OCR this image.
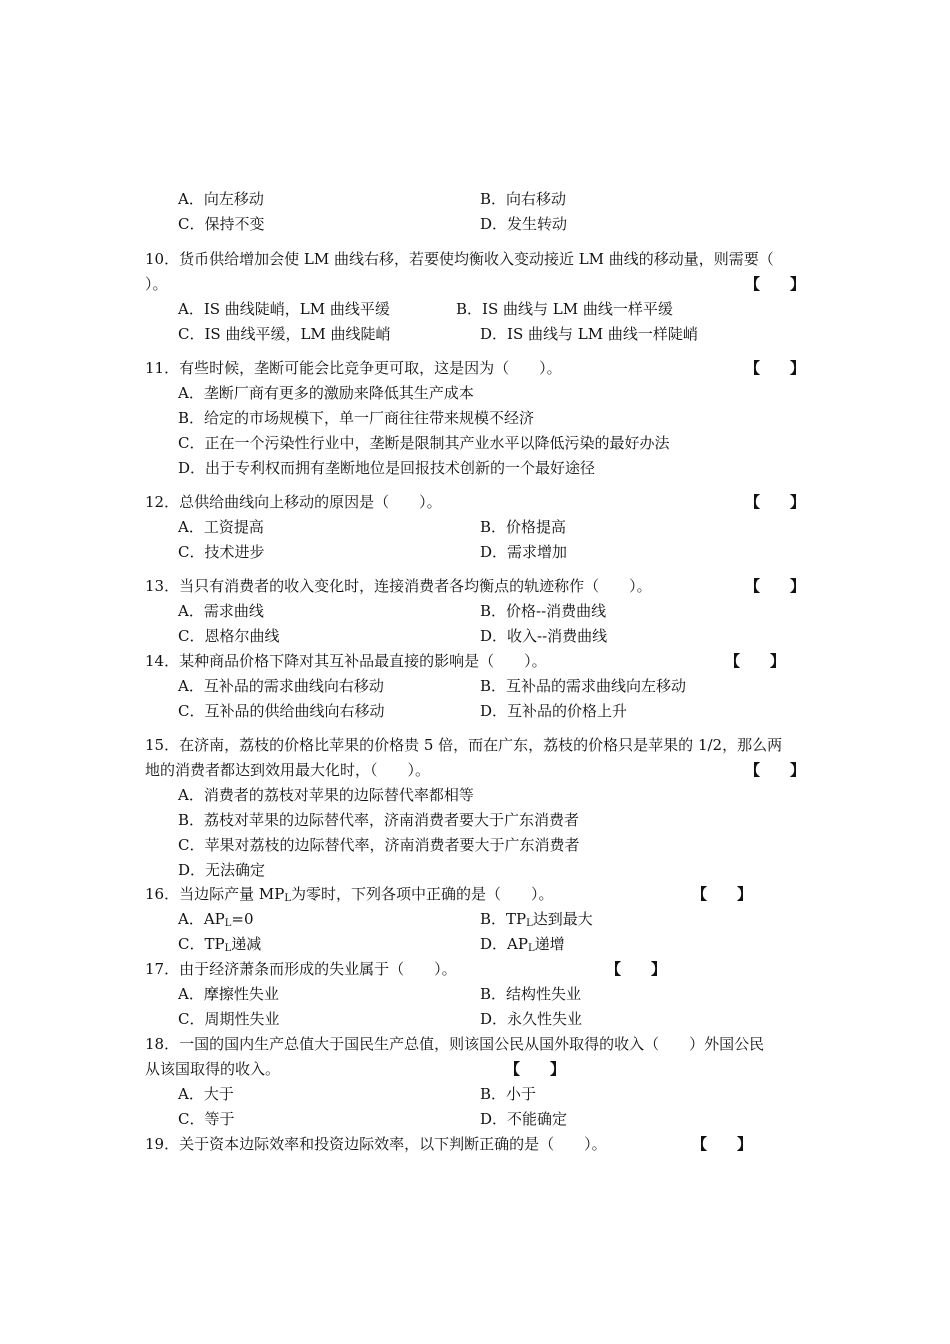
A．向左移动	B．向右移动
C．保持不变	D．发生转动
10．货币供给增加会使 LM 曲线右移，若要使均衡收入变动接近 LM 曲线的移动量，则需要（
）。	【　　】
A．IS 曲线陡峭，LM 曲线平缓	B．IS 曲线与 LM 曲线一样平缓
C．IS 曲线平缓，LM 曲线陡峭	D．IS 曲线与 LM 曲线一样陡峭
11．有些时候，垄断可能会比竞争更可取，这是因为（　　）。	【　　】
A．垄断厂商有更多的激励来降低其生产成本
B．给定的市场规模下，单一厂商往往带来规模不经济
C．正在一个污染性行业中，垄断是限制其产业水平以降低污染的最好办法
D．出于专利权而拥有垄断地位是回报技术创新的一个最好途径
12．总供给曲线向上移动的原因是（　　）。	【　　】
A．工资提高	B．价格提高
C．技术进步	D．需求增加
13．当只有消费者的收入变化时，连接消费者各均衡点的轨迹称作（　　）。	【　　】
A．需求曲线	B．价格--消费曲线
C．恩格尔曲线	D．收入--消费曲线
14．某种商品价格下降对其互补品最直接的影响是（　　）。	【　　】
A．互补品的需求曲线向右移动	B．互补品的需求曲线向左移动
C．互补品的供给曲线向右移动	D．互补品的价格上升
15．在济南，荔枝的价格比苹果的价格贵 5 倍，而在广东，荔枝的价格只是苹果的 1/2，那么两
地的消费者都达到效用最大化时，（　　）。	【　　】
A．消费者的荔枝对苹果的边际替代率都相等
B．荔枝对苹果的边际替代率，济南消费者要大于广东消费者
C．苹果对荔枝的边际替代率，济南消费者要大于广东消费者
D．无法确定
16．当边际产量 $MP_L$为零时，下列各项中正确的是（　　）。	【　　】
A．$AP_L=0$	B．$TP_L$达到最大
C．$TP_L$递减	D．$AP_L$递增
17．由于经济萧条而形成的失业属于（　　）。	【　　】
A．摩擦性失业	B．结构性失业
C．周期性失业	D．永久性失业
18．一国的国内生产总值大于国民生产总值，则该国公民从国外取得的收入（　　）外国公民
从该国取得的收入。	【　　】
A．大于	B．小于
C．等于	D．不能确定
19．关于资本边际效率和投资边际效率，以下判断正确的是（　　）。	【　　】
